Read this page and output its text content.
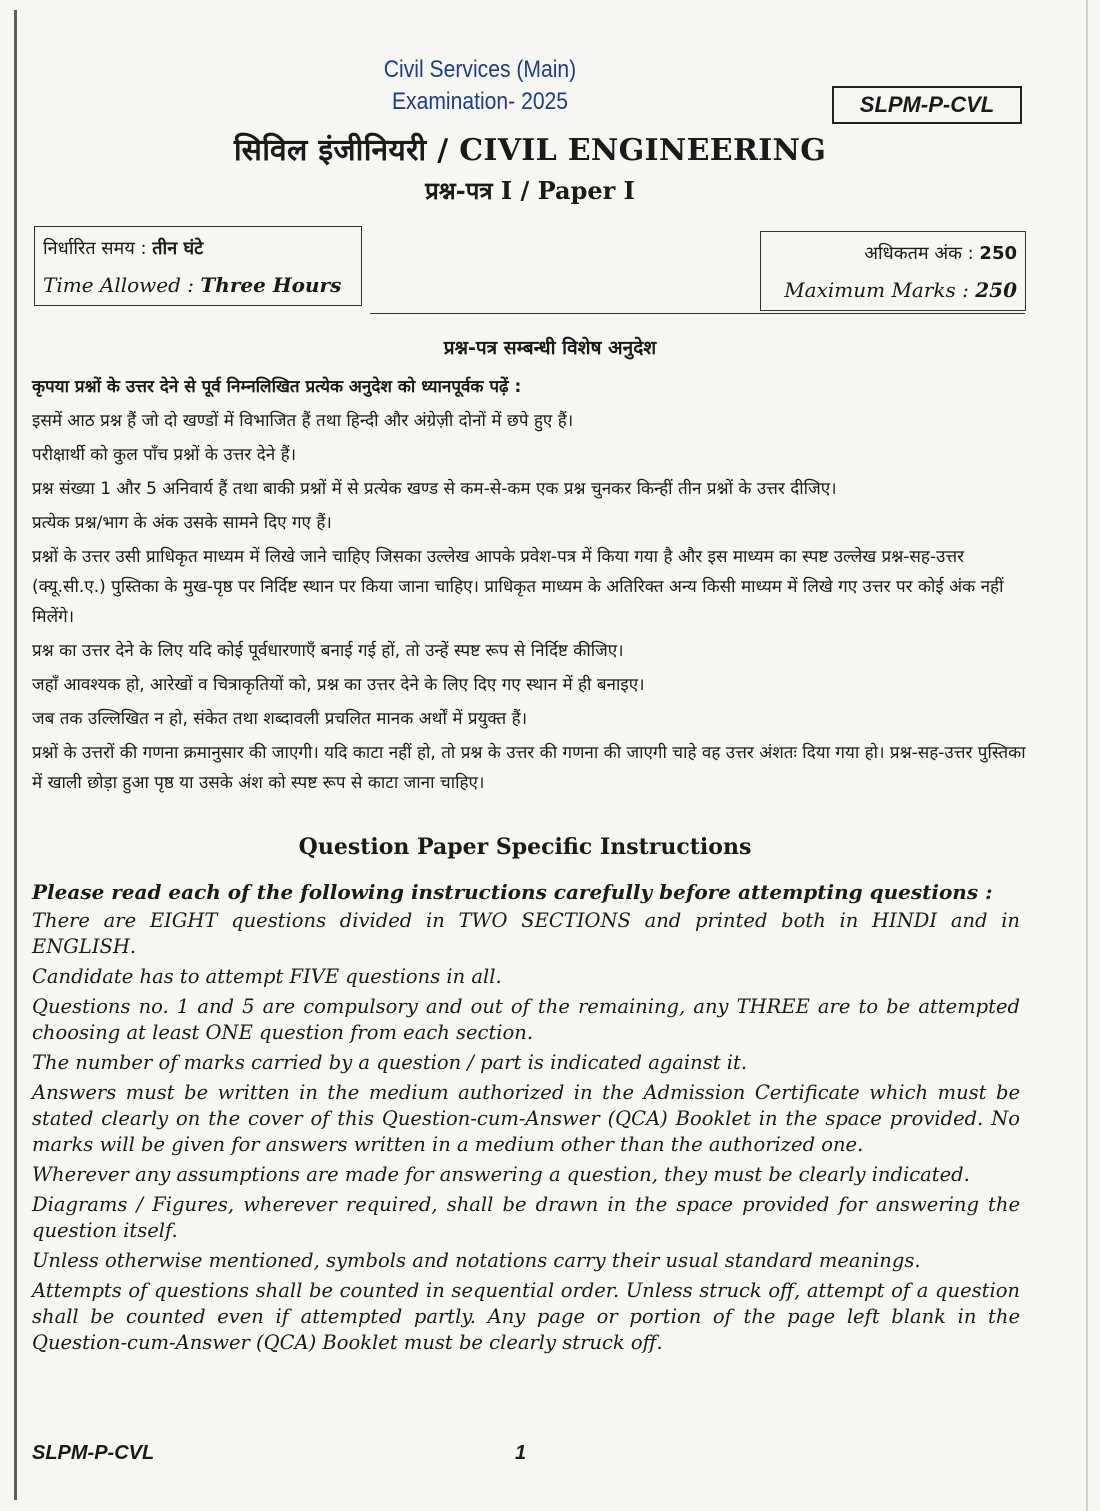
Civil Services (Main)
Examination- 2025	SLPM-P-CVL
सिविल इंजीनियरी / CIVIL ENGINEERING
प्रश्न-पत्र I / Paper I
निर्धारित समय : तीन घंटे
Time Allowed : Three Hours
अधिकतम अंक : 250
Maximum Marks : 250
प्रश्न-पत्र सम्बन्धी विशेष अनुदेश

कृपया प्रश्नों के उत्तर देने से पूर्व निम्नलिखित प्रत्येक अनुदेश को ध्यानपूर्वक पढ़ें :

इसमें आठ प्रश्न हैं जो दो खण्डों में विभाजित हैं तथा हिन्दी और अंग्रेज़ी दोनों में छपे हुए हैं।

परीक्षार्थी को कुल पाँच प्रश्नों के उत्तर देने हैं।

प्रश्न संख्या 1 और 5 अनिवार्य हैं तथा बाकी प्रश्नों में से प्रत्येक खण्ड से कम-से-कम एक प्रश्न चुनकर किन्हीं तीन प्रश्नों के उत्तर दीजिए।

प्रत्येक प्रश्न/भाग के अंक उसके सामने दिए गए हैं।

प्रश्नों के उत्तर उसी प्राधिकृत माध्यम में लिखे जाने चाहिए जिसका उल्लेख आपके प्रवेश-पत्र में किया गया है और इस माध्यम का स्पष्ट उल्लेख प्रश्न-सह-उत्तर (क्यू.सी.ए.) पुस्तिका के मुख-पृष्ठ पर निर्दिष्ट स्थान पर किया जाना चाहिए। प्राधिकृत माध्यम के अतिरिक्त अन्य किसी माध्यम में लिखे गए उत्तर पर कोई अंक नहीं मिलेंगे।

प्रश्न का उत्तर देने के लिए यदि कोई पूर्वधारणाएँ बनाई गई हों, तो उन्हें स्पष्ट रूप से निर्दिष्ट कीजिए।

जहाँ आवश्यक हो, आरेखों व चित्राकृतियों को, प्रश्न का उत्तर देने के लिए दिए गए स्थान में ही बनाइए।

जब तक उल्लिखित न हो, संकेत तथा शब्दावली प्रचलित मानक अर्थों में प्रयुक्त हैं।

प्रश्नों के उत्तरों की गणना क्रमानुसार की जाएगी। यदि काटा नहीं हो, तो प्रश्न के उत्तर की गणना की जाएगी चाहे वह उत्तर अंशतः दिया गया हो। प्रश्न-सह-उत्तर पुस्तिका में खाली छोड़ा हुआ पृष्ठ या उसके अंश को स्पष्ट रूप से काटा जाना चाहिए।

Question Paper Specific Instructions
Please read each of the following instructions carefully before attempting questions :

There are EIGHT questions divided in TWO SECTIONS and printed both in HINDI and in ENGLISH.

Candidate has to attempt FIVE questions in all.

Questions no. 1 and 5 are compulsory and out of the remaining, any THREE are to be attempted choosing at least ONE question from each section.

The number of marks carried by a question / part is indicated against it.

Answers must be written in the medium authorized in the Admission Certificate which must be stated clearly on the cover of this Question-cum-Answer (QCA) Booklet in the space provided. No marks will be given for answers written in a medium other than the authorized one.

Wherever any assumptions are made for answering a question, they must be clearly indicated.

Diagrams / Figures, wherever required, shall be drawn in the space provided for answering the question itself.

Unless otherwise mentioned, symbols and notations carry their usual standard meanings.

Attempts of questions shall be counted in sequential order. Unless struck off, attempt of a question shall be counted even if attempted partly. Any page or portion of the page left blank in the Question-cum-Answer (QCA) Booklet must be clearly struck off.

SLPM-P-CVL	1
